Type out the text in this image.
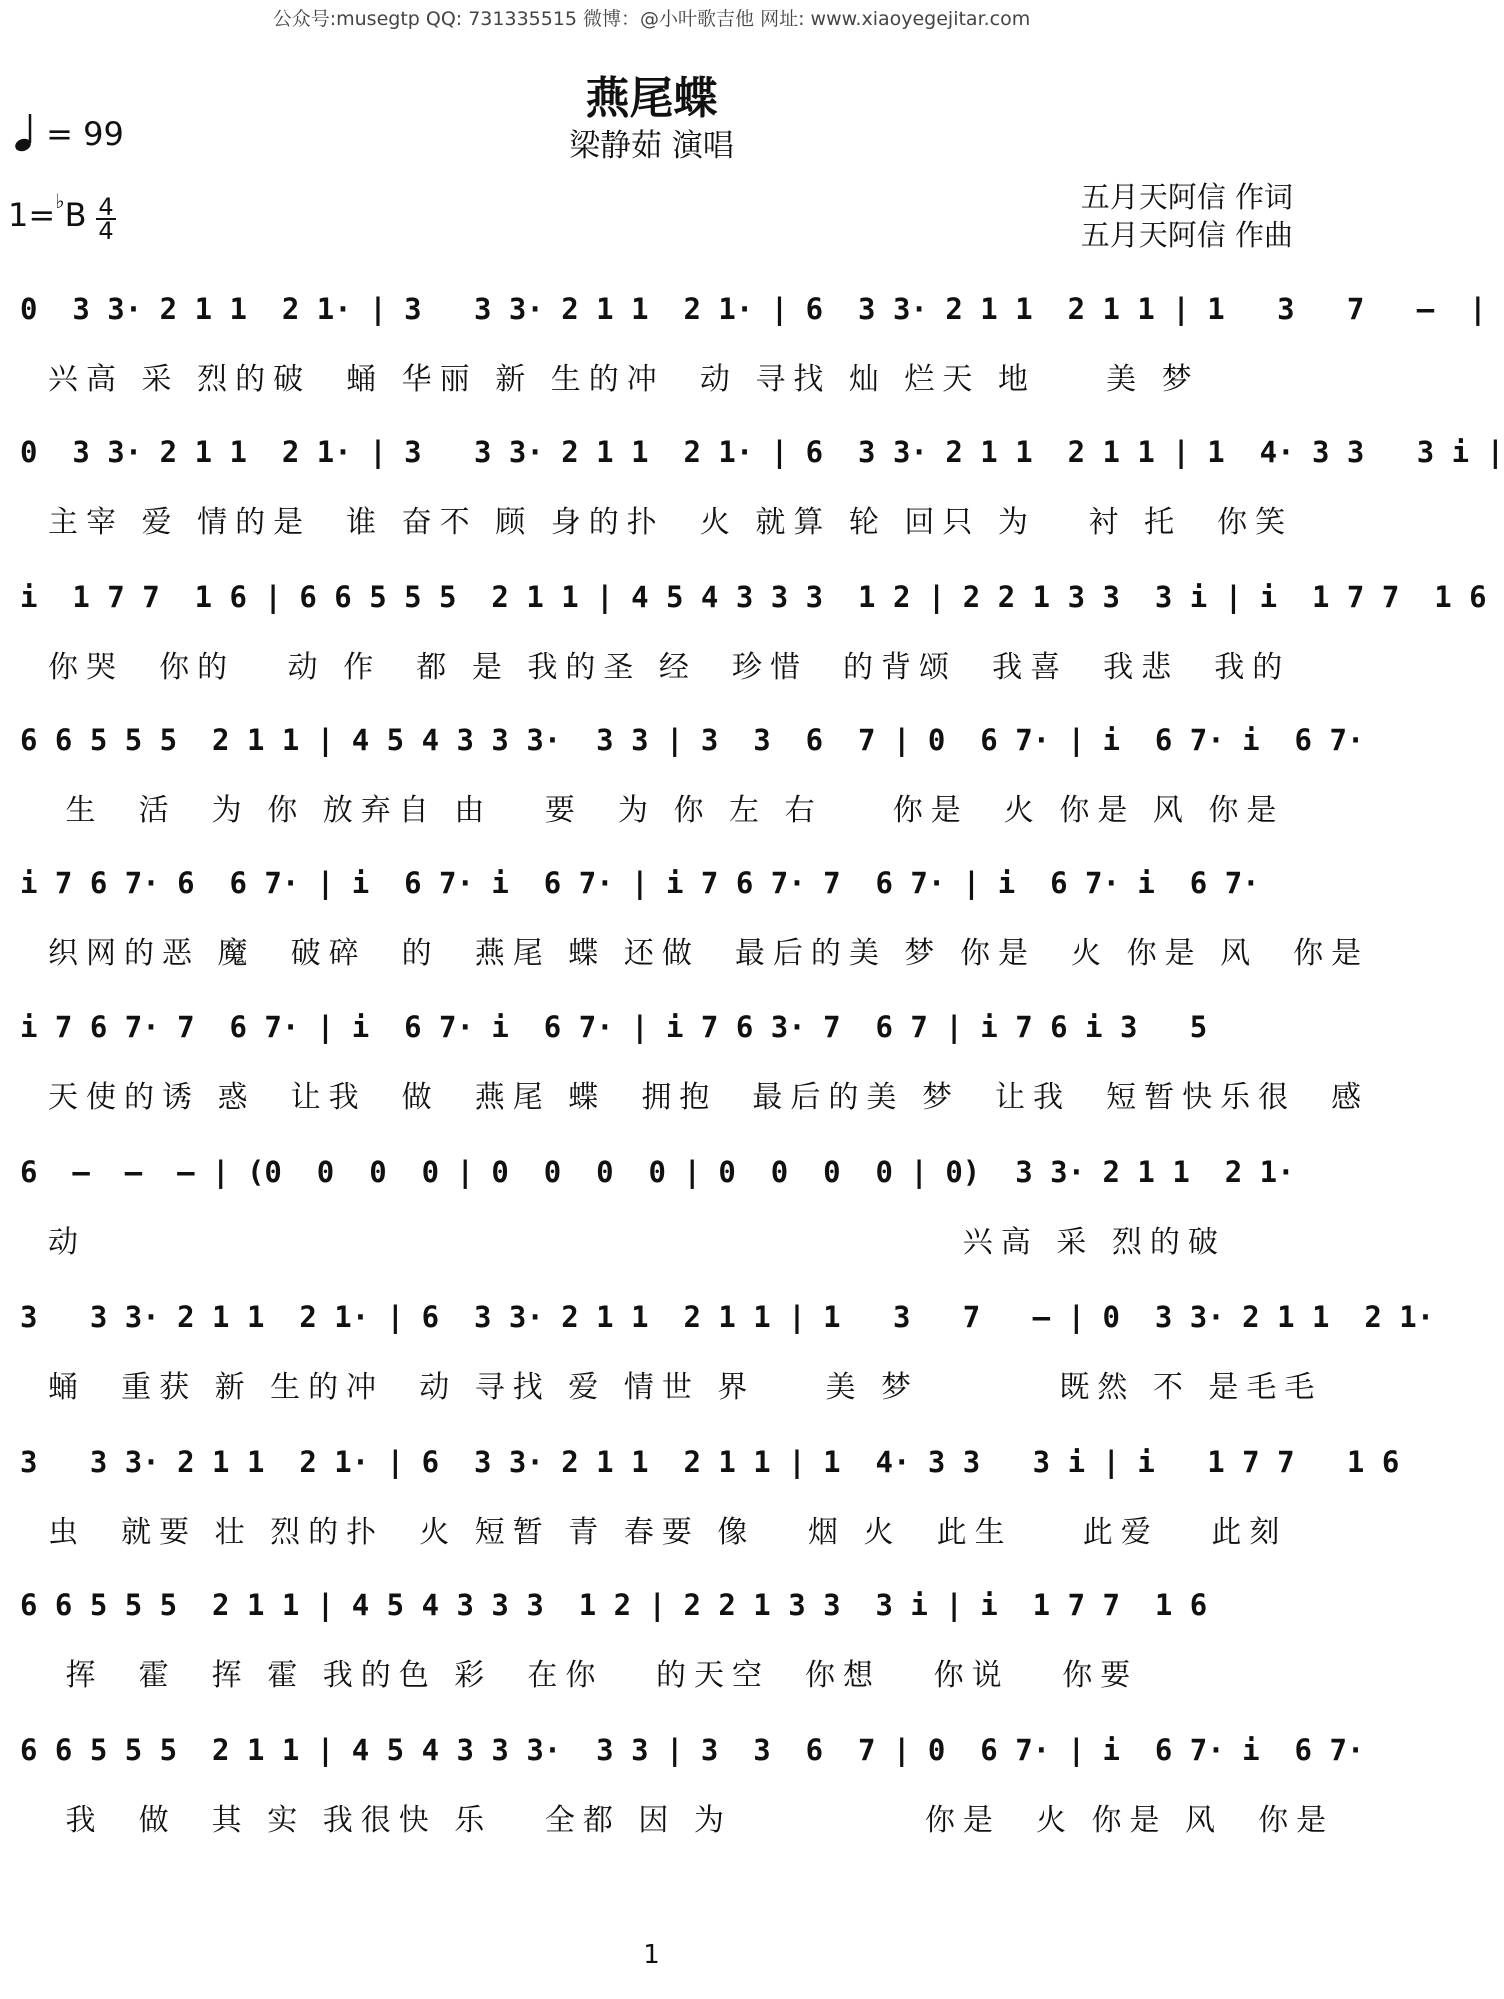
公众号:musegtp QQ: 731335515 微博：@小叶歌吉他 网址: www.xiaoyegejitar.com
= 99
燕尾蝶
梁静茹 演唱
1=♭B 4
4
五月天阿信 作词
五月天阿信 作曲
0  3 3· 2 1 1  2 1· | 3   3 3· 2 1 1  2 1· | 6  3 3· 2 1 1  2 1 1 | 1   3   7   –  |
兴高 采 烈的破  蛹 华丽 新 生的冲  动 寻找 灿 烂天 地    美 梦
0  3 3· 2 1 1  2 1· | 3   3 3· 2 1 1  2 1· | 6  3 3· 2 1 1  2 1 1 | 1  4· 3 3   3 i |
主宰 爱 情的是  谁 奋不 顾 身的扑  火 就算 轮 回只 为   衬 托  你笑
i  1 7 7  1 6 | 6 6 5 5 5  2 1 1 | 4 5 4 3 3 3  1 2 | 2 2 1 3 3  3 i | i  1 7 7  1 6
你哭  你的   动 作  都 是 我的圣 经  珍惜  的背颂  我喜  我悲  我的
6 6 5 5 5  2 1 1 | 4 5 4 3 3 3·  3 3 | 3  3  6  7 | 0  6 7· | i  6 7· i  6 7·
生  活  为 你 放弃自 由   要  为 你 左 右    你是  火 你是 风 你是
i 7 6 7· 6  6 7· | i  6 7· i  6 7· | i 7 6 7· 7  6 7· | i  6 7· i  6 7·
织网的恶 魔  破碎  的  燕尾 蝶 还做  最后的美 梦 你是  火 你是 风  你是
i 7 6 7· 7  6 7· | i  6 7· i  6 7· | i 7 6 3· 7  6 7 | i 7 6 i 3   5
天使的诱 惑  让我  做  燕尾 蝶  拥抱  最后的美 梦  让我  短暂快乐很  感
6  –  –  – | (0  0  0  0 | 0  0  0  0 | 0  0  0  0 | 0)  3 3· 2 1 1  2 1·
动                                                  兴高 采 烈的破
3   3 3· 2 1 1  2 1· | 6  3 3· 2 1 1  2 1 1 | 1   3   7   – | 0  3 3· 2 1 1  2 1·
蛹  重获 新 生的冲  动 寻找 爱 情世 界    美 梦        既然 不 是毛毛
3   3 3· 2 1 1  2 1· | 6  3 3· 2 1 1  2 1 1 | 1  4· 3 3   3 i | i   1 7 7   1 6
虫  就要 壮 烈的扑  火 短暂 青 春要 像   烟 火  此生    此爱   此刻
6 6 5 5 5  2 1 1 | 4 5 4 3 3 3  1 2 | 2 2 1 3 3  3 i | i  1 7 7  1 6
挥  霍  挥 霍 我的色 彩  在你   的天空  你想   你说   你要
6 6 5 5 5  2 1 1 | 4 5 4 3 3 3·  3 3 | 3  3  6  7 | 0  6 7· | i  6 7· i  6 7·
我  做  其 实 我很快 乐   全都 因 为           你是  火 你是 风  你是
1
